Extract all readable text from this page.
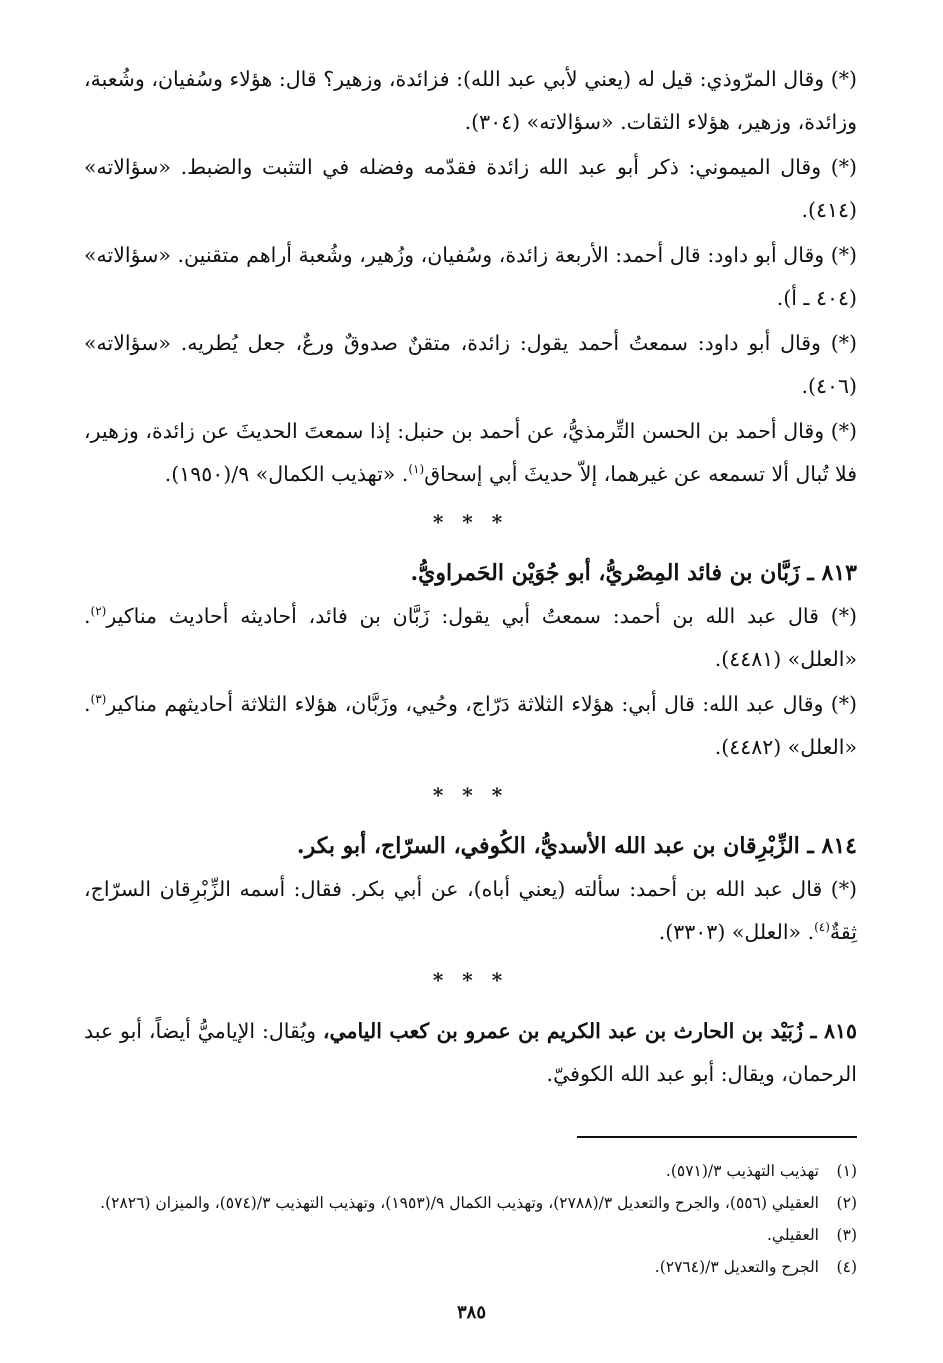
(*) وقال المرّوذي: قيل له (يعني لأبي عبد الله): فزائدة، وزهير؟ قال: هؤلاء وسُفيان، وشُعبة، وزائدة، وزهير، هؤلاء الثقات. «سؤالاته» (٣٠٤).

(*) وقال الميموني: ذكر أبو عبد الله زائدة فقدّمه وفضله في التثبت والضبط. «سؤالاته» (٤١٤).

(*) وقال أبو داود: قال أحمد: الأربعة زائدة، وسُفيان، وزُهير، وشُعبة أراهم متقنين. «سؤالاته» (٤٠٤ ـ أ).

(*) وقال أبو داود: سمعتُ أحمد يقول: زائدة، متقنٌ صدوقٌ ورعٌ، جعل يُطريه. «سؤالاته» (٤٠٦).

(*) وقال أحمد بن الحسن التِّرمذيُّ، عن أحمد بن حنبل: إذا سمعتَ الحديثَ عن زائدة، وزهير، فلا تُبال ألا تسمعه عن غيرهما، إلاّ حديثَ أبي إسحاق$^{(١)}$. «تهذيب الكمال» ٩/(١٩٥٠).

* * *

٨١٣ ـ زَبَّان بن فائد المِصْريُّ، أبو جُوَيْن الحَمراويُّ.

(*) قال عبد الله بن أحمد: سمعتُ أبي يقول: زَبَّان بن فائد، أحاديثه أحاديث مناكير$^{(٢)}$. «العلل» (٤٤٨١).

(*) وقال عبد الله: قال أبي: هؤلاء الثلاثة دَرّاج، وحُيي، وزَبَّان، هؤلاء الثلاثة أحاديثهم مناكير$^{(٣)}$. «العلل» (٤٤٨٢).

* * *

٨١٤ ـ الزِّبْرِقان بن عبد الله الأسديُّ، الكُوفي، السرّاج، أبو بكر.

(*) قال عبد الله بن أحمد: سألته (يعني أباه)، عن أبي بكر. فقال: أسمه الزِّبْرِقان السرّاج، ثِقةٌ$^{(٤)}$. «العلل» (٣٣٠٣).

* * *

٨١٥ ـ زُبَيْد بن الحارث بن عبد الكريم بن عمرو بن كعب اليامي، ويُقال: الإياميُّ أيضاً، أبو عبد الرحمان، ويقال: أبو عبد الله الكوفيّ.

(١)
تهذيب التهذيب ٣/(٥٧١).
(٢)
العقيلي (٥٥٦)، والجرح والتعديل ٣/(٢٧٨٨)، وتهذيب الكمال ٩/(١٩٥٣)، وتهذيب التهذيب ٣/(٥٧٤)، والميزان (٢٨٢٦).
(٣)
العقيلي.
(٤)
الجرح والتعديل ٣/(٢٧٦٤).
٣٨٥
